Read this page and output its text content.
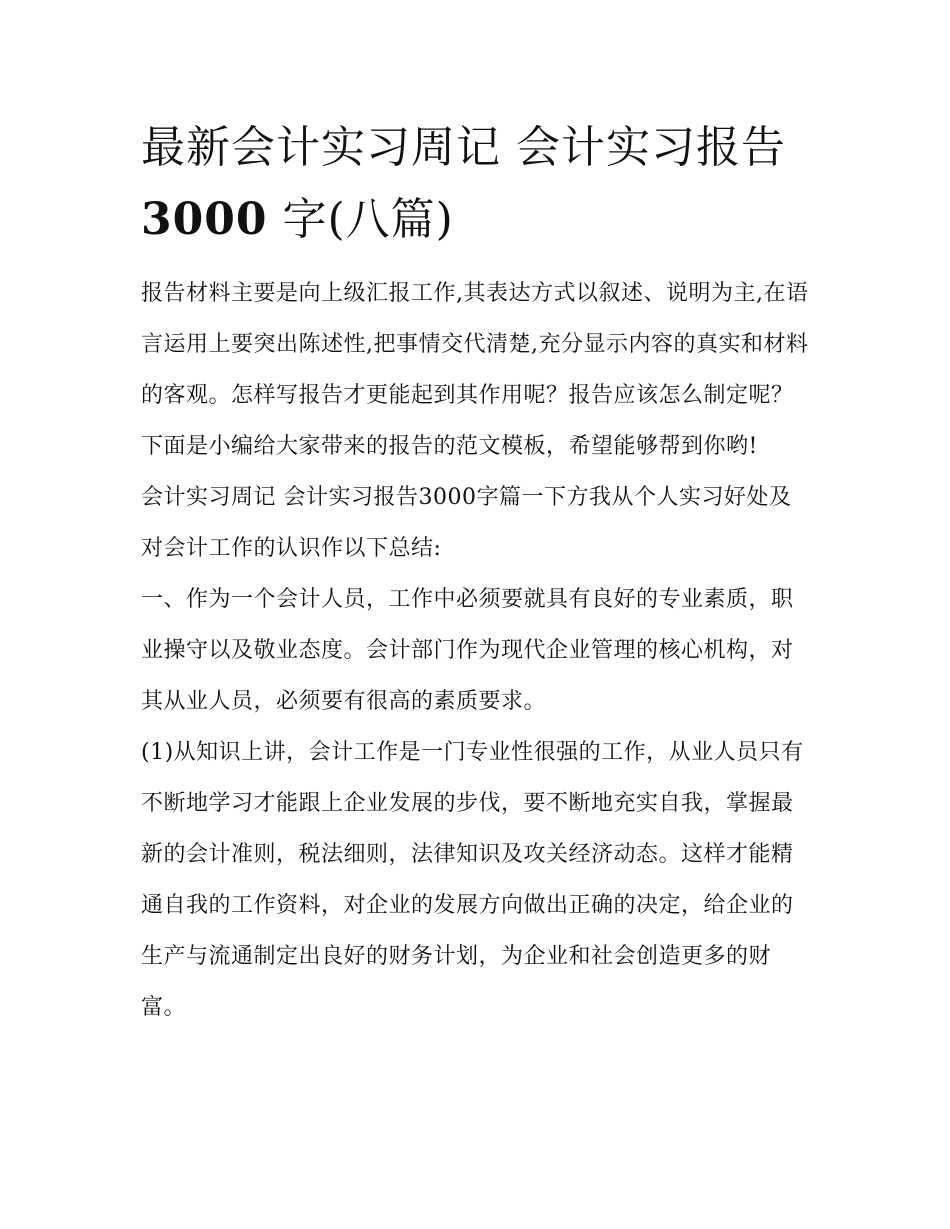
最新会计实习周记 会计实习报告
3000 字(八篇)

报告材料主要是向上级汇报工作,其表达方式以叙述、说明为主,在语言运用上要突出陈述性,把事情交代清楚,充分显示内容的真实和材料的客观。怎样写报告才更能起到其作用呢？报告应该怎么制定呢？下面是小编给大家带来的报告的范文模板，希望能够帮到你哟!

会计实习周记 会计实习报告3000字篇一下方我从个人实习好处及对会计工作的认识作以下总结:

一、作为一个会计人员，工作中必须要就具有良好的专业素质，职业操守以及敬业态度。会计部门作为现代企业管理的核心机构，对其从业人员，必须要有很高的素质要求。

(1)从知识上讲，会计工作是一门专业性很强的工作，从业人员只有不断地学习才能跟上企业发展的步伐，要不断地充实自我，掌握最新的会计准则，税法细则，法律知识及攻关经济动态。这样才能精通自我的工作资料，对企业的发展方向做出正确的决定，给企业的生产与流通制定出良好的财务计划，为企业和社会创造更多的财富。
